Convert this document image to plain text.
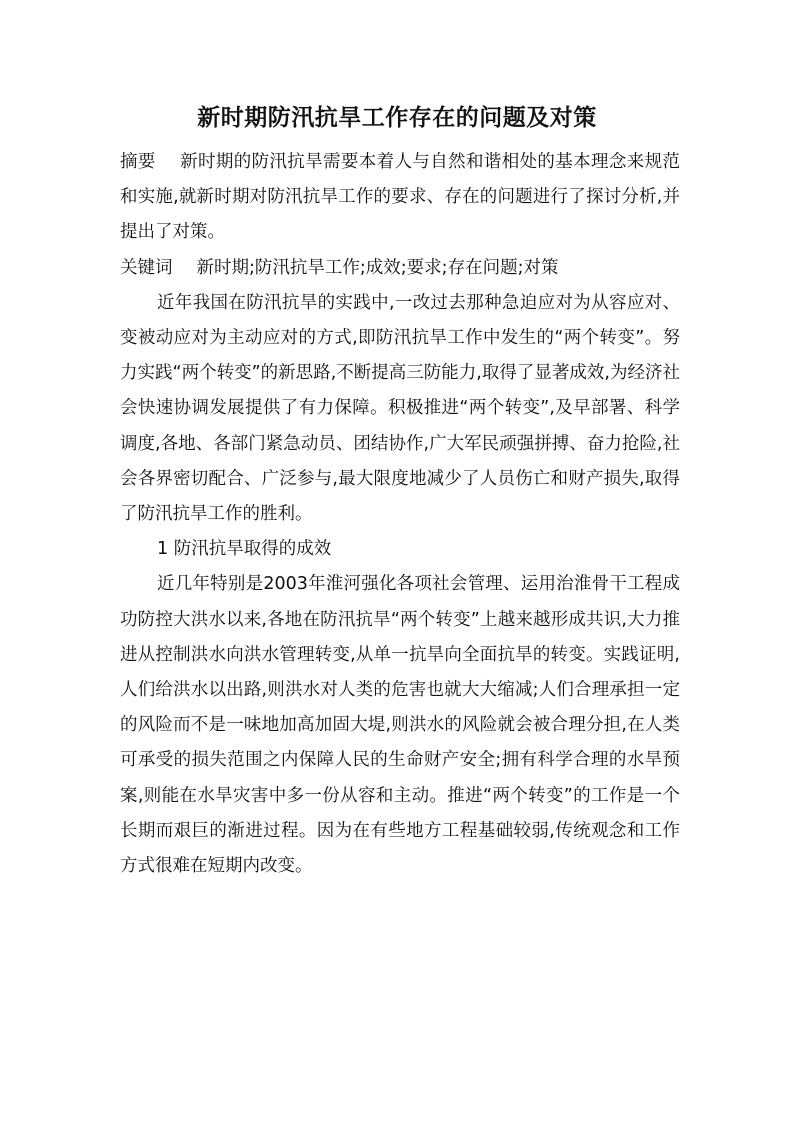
新时期防汛抗旱工作存在的问题及对策

摘要 新时期的防汛抗旱需要本着人与自然和谐相处的基本理念来规范和实施,就新时期对防汛抗旱工作的要求、存在的问题进行了探讨分析,并提出了对策。

关键词 新时期;防汛抗旱工作;成效;要求;存在问题;对策

近年我国在防汛抗旱的实践中,一改过去那种急迫应对为从容应对、变被动应对为主动应对的方式,即防汛抗旱工作中发生的“两个转变”。努力实践“两个转变”的新思路,不断提高三防能力,取得了显著成效,为经济社会快速协调发展提供了有力保障。积极推进“两个转变”,及早部署、科学调度,各地、各部门紧急动员、团结协作,广大军民顽强拼搏、奋力抢险,社会各界密切配合、广泛参与,最大限度地减少了人员伤亡和财产损失,取得了防汛抗旱工作的胜利。

1 防汛抗旱取得的成效

近几年特别是2003年淮河强化各项社会管理、运用治淮骨干工程成功防控大洪水以来,各地在防汛抗旱“两个转变”上越来越形成共识,大力推进从控制洪水向洪水管理转变,从单一抗旱向全面抗旱的转变。实践证明,人们给洪水以出路,则洪水对人类的危害也就大大缩减;人们合理承担一定的风险而不是一味地加高加固大堤,则洪水的风险就会被合理分担,在人类可承受的损失范围之内保障人民的生命财产安全;拥有科学合理的水旱预案,则能在水旱灾害中多一份从容和主动。推进“两个转变”的工作是一个长期而艰巨的渐进过程。因为在有些地方工程基础较弱,传统观念和工作方式很难在短期内改变。
